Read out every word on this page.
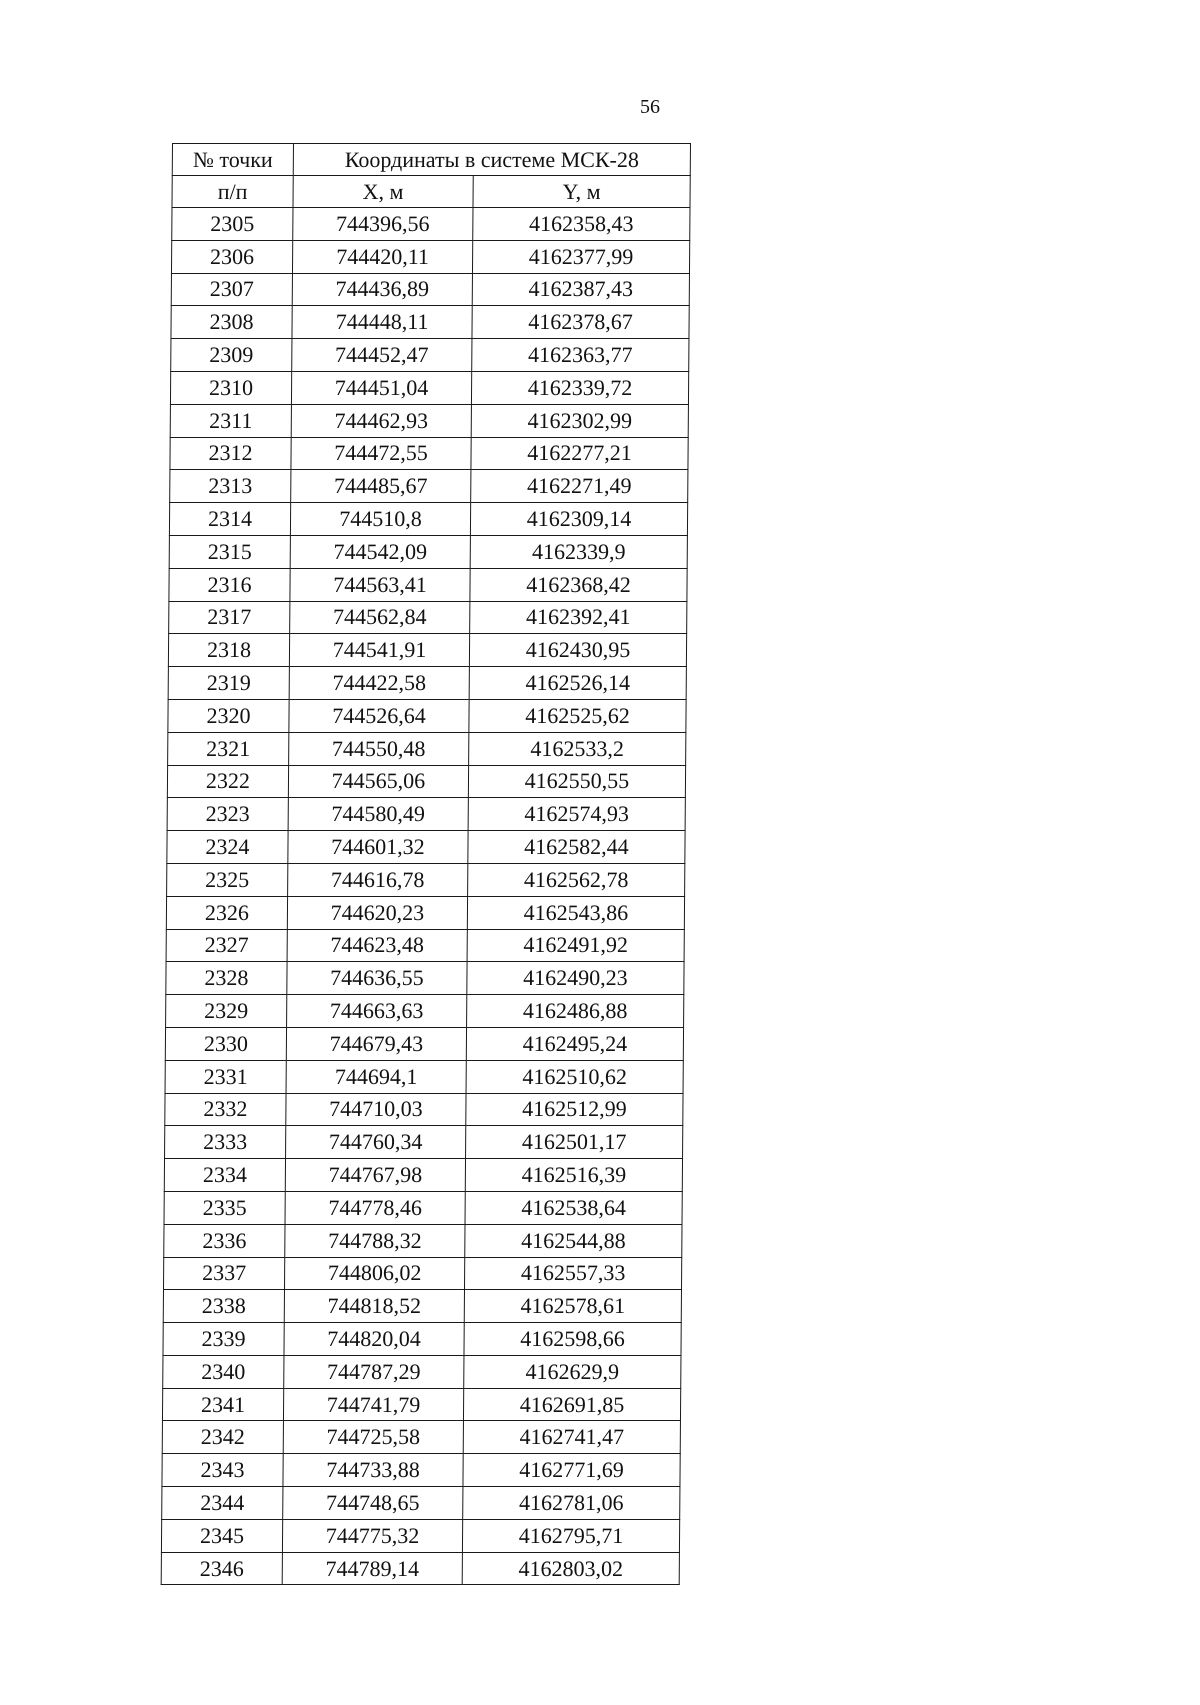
56
№ точки	Координаты в системе МСК-28	
п/п	X, м	Y, м
2305	744396,56	4162358,43
2306	744420,11	4162377,99
2307	744436,89	4162387,43
2308	744448,11	4162378,67
2309	744452,47	4162363,77
2310	744451,04	4162339,72
2311	744462,93	4162302,99
2312	744472,55	4162277,21
2313	744485,67	4162271,49
2314	744510,8	4162309,14
2315	744542,09	4162339,9
2316	744563,41	4162368,42
2317	744562,84	4162392,41
2318	744541,91	4162430,95
2319	744422,58	4162526,14
2320	744526,64	4162525,62
2321	744550,48	4162533,2
2322	744565,06	4162550,55
2323	744580,49	4162574,93
2324	744601,32	4162582,44
2325	744616,78	4162562,78
2326	744620,23	4162543,86
2327	744623,48	4162491,92
2328	744636,55	4162490,23
2329	744663,63	4162486,88
2330	744679,43	4162495,24
2331	744694,1	4162510,62
2332	744710,03	4162512,99
2333	744760,34	4162501,17
2334	744767,98	4162516,39
2335	744778,46	4162538,64
2336	744788,32	4162544,88
2337	744806,02	4162557,33
2338	744818,52	4162578,61
2339	744820,04	4162598,66
2340	744787,29	4162629,9
2341	744741,79	4162691,85
2342	744725,58	4162741,47
2343	744733,88	4162771,69
2344	744748,65	4162781,06
2345	744775,32	4162795,71
2346	744789,14	4162803,02
